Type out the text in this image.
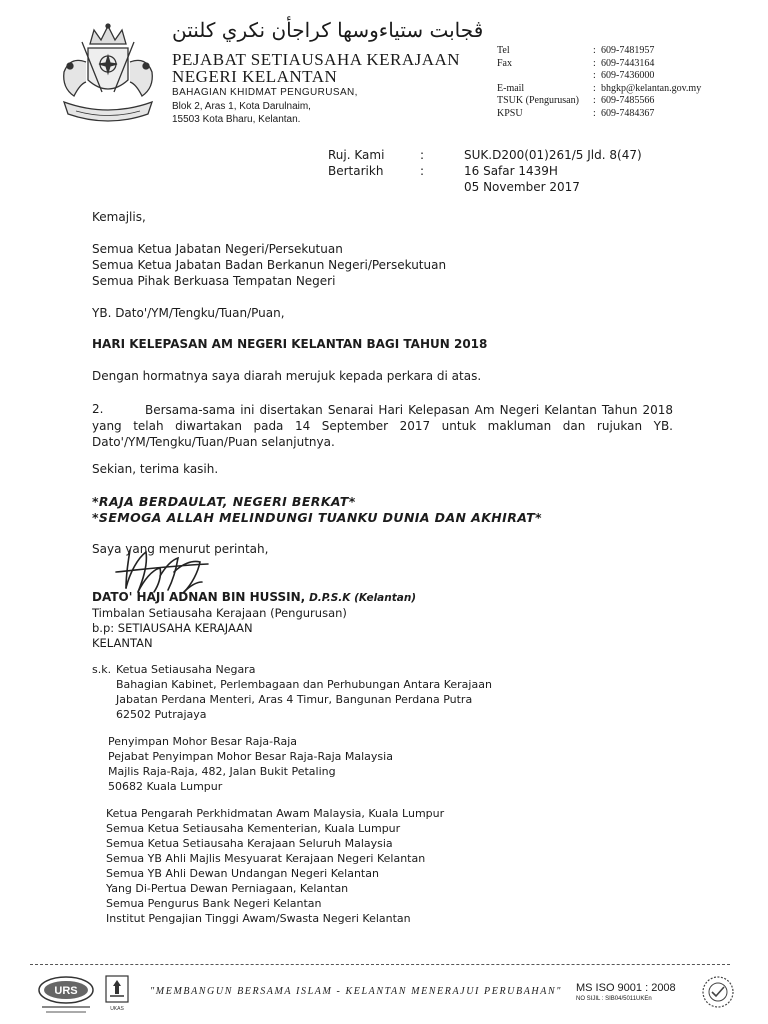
ڤجابت ستياءوسها كراجأن نكري كلنتن
PEJABAT SETIAUSAHA KERAJAAN
NEGERI KELANTAN
BAHAGIAN KHIDMAT PENGURUSAN,
Blok 2, Aras 1, Kota Darulnaim,
15503 Kota Bharu, Kelantan.
Tel	: 609-7481957
Fax	: 609-7443164
: 609-7436000
E-mail	: bhgkp@kelantan.gov.my
TSUK (Pengurusan)	: 609-7485566
KPSU	: 609-7484367
Ruj. Kami	:	SUK.D200(01)261/5 Jld. 8(47)
Bertarikh	:	16 Safar 1439H
05 November 2017
Kemajlis,
Semua Ketua Jabatan Negeri/Persekutuan
Semua Ketua Jabatan Badan Berkanun Negeri/Persekutuan
Semua Pihak Berkuasa Tempatan Negeri
YB. Dato'/YM/Tengku/Tuan/Puan,
HARI KELEPASAN AM NEGERI KELANTAN BAGI TAHUN 2018
Dengan hormatnya saya diarah merujuk kepada perkara di atas.
2.	Bersama-sama ini disertakan Senarai Hari Kelepasan Am Negeri Kelantan Tahun 2018 yang telah diwartakan pada 14 September 2017 untuk makluman dan rujukan YB. Dato'/YM/Tengku/Tuan/Puan selanjutnya.
Sekian, terima kasih.
*RAJA BERDAULAT, NEGERI BERKAT*
*SEMOGA ALLAH MELINDUNGI TUANKU DUNIA DAN AKHIRAT*
Saya yang menurut perintah,
DATO' HAJI ADNAN BIN HUSSIN, D.P.S.K (Kelantan)
Timbalan Setiausaha Kerajaan (Pengurusan)
b.p: SETIAUSAHA KERAJAAN
KELANTAN
s.k. Ketua Setiausaha Negara
Bahagian Kabinet, Perlembagaan dan Perhubungan Antara Kerajaan
Jabatan Perdana Menteri, Aras 4 Timur, Bangunan Perdana Putra
62502 Putrajaya
Penyimpan Mohor Besar Raja-Raja
Pejabat Penyimpan Mohor Besar Raja-Raja Malaysia
Majlis Raja-Raja, 482, Jalan Bukit Petaling
50682 Kuala Lumpur
Ketua Pengarah Perkhidmatan Awam Malaysia, Kuala Lumpur
Semua Ketua Setiausaha Kementerian, Kuala Lumpur
Semua Ketua Setiausaha Kerajaan Seluruh Malaysia
Semua YB Ahli Majlis Mesyuarat Kerajaan Negeri Kelantan
Semua YB Ahli Dewan Undangan Negeri Kelantan
Yang Di-Pertua Dewan Perniagaan, Kelantan
Semua Pengurus Bank Negeri Kelantan
Institut Pengajian Tinggi Awam/Swasta Negeri Kelantan
URS
UKAS
"MEMBANGUN BERSAMA ISLAM - KELANTAN MENERAJUI PERUBAHAN" MS ISO 9001 : 2008
NO SIJIL : SIB04/5011UKEn
